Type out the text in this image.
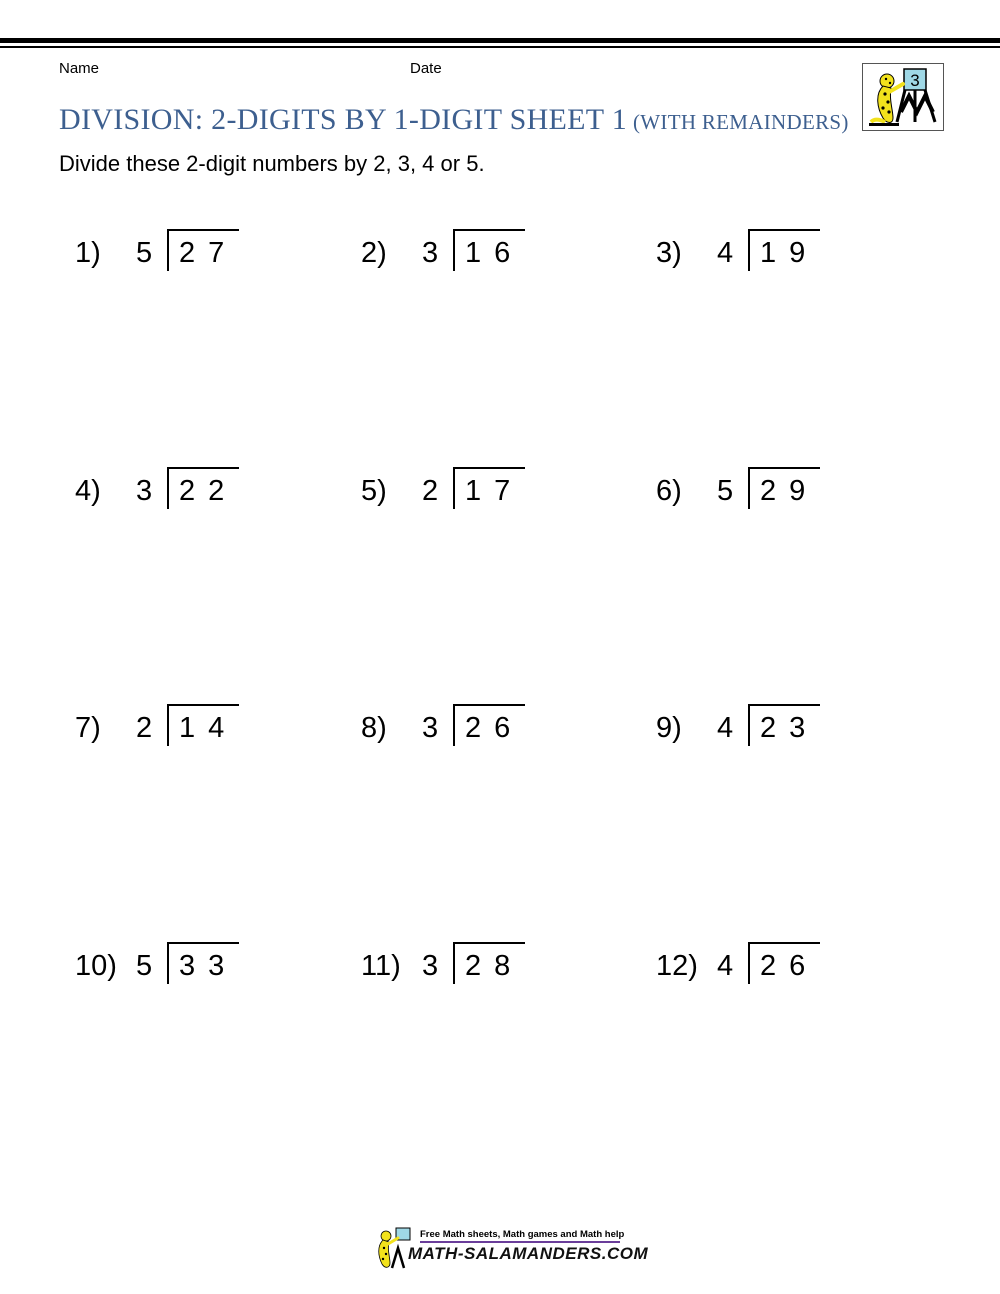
Name	Date
DIVISION: 2-DIGITS BY 1-DIGIT SHEET 1 (WITH REMAINDERS)
Divide these 2-digit numbers by 2, 3, 4 or 5.
3
1) 5 27	2) 3 16	3) 4 19
4) 3 22	5) 2 17	6) 5 29
7) 2 14	8) 3 26	9) 4 23
10) 5 33	11) 3 28	12) 4 26
Free Math sheets, Math games and Math help
MATH-SALAMANDERS.COM
